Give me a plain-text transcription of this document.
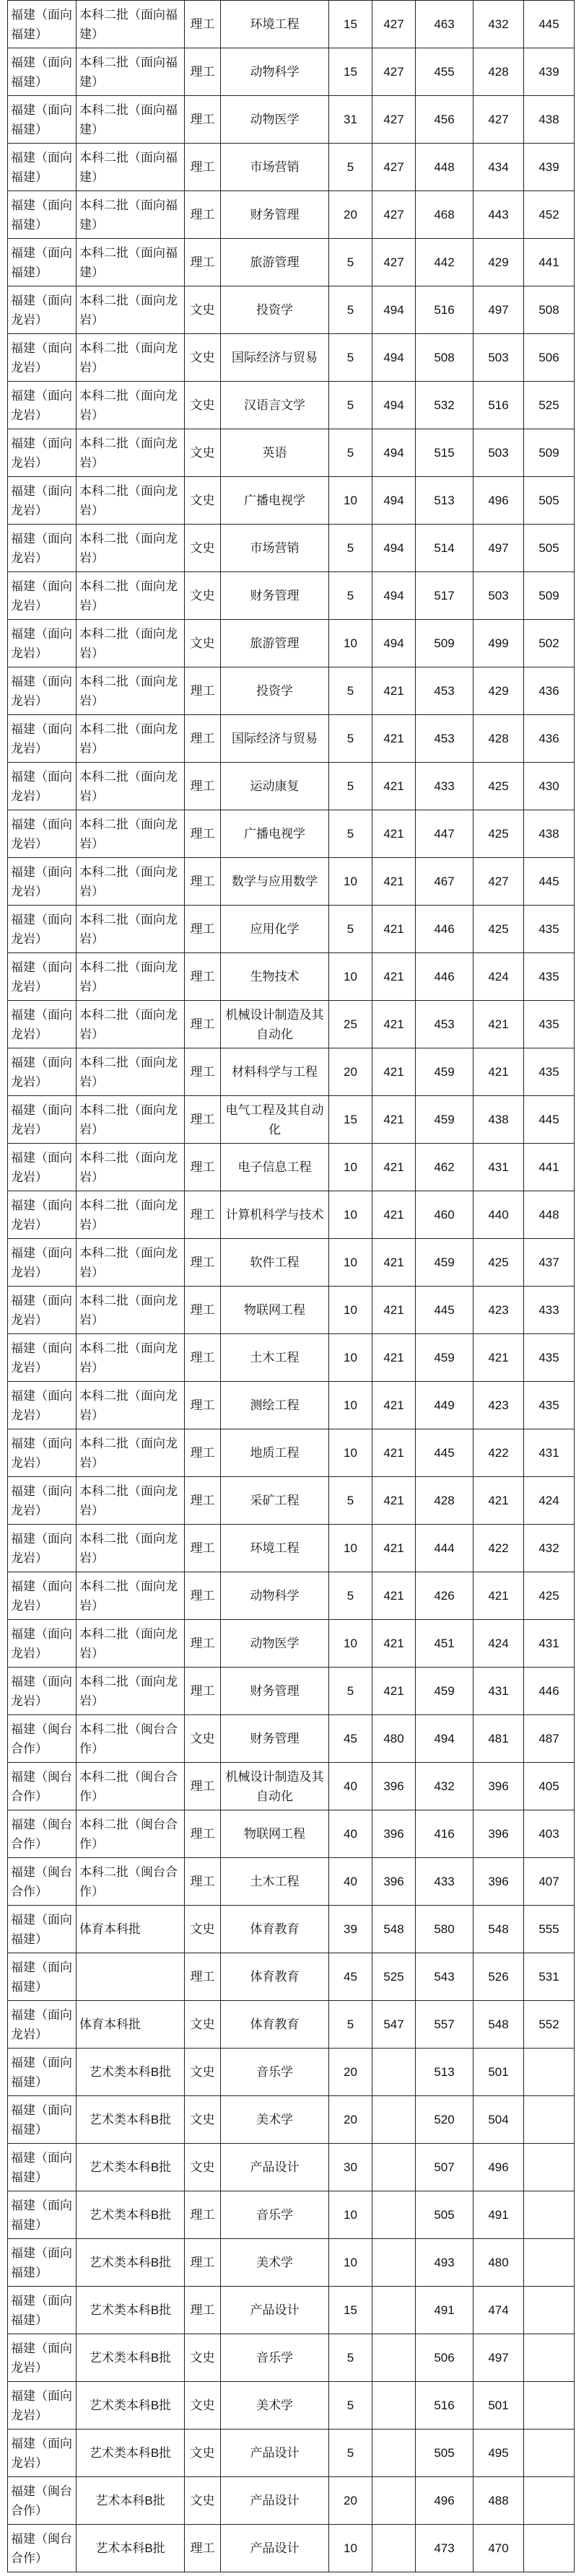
福建（面向福建）	本科二批（面向福建）	理工	环境工程	15	427	463	432	445
福建（面向福建）	本科二批（面向福建）	理工	动物科学	15	427	455	428	439
福建（面向福建）	本科二批（面向福建）	理工	动物医学	31	427	456	427	438
福建（面向福建）	本科二批（面向福建）	理工	市场营销	5	427	448	434	439
福建（面向福建）	本科二批（面向福建）	理工	财务管理	20	427	468	443	452
福建（面向福建）	本科二批（面向福建）	理工	旅游管理	5	427	442	429	441
福建（面向龙岩）	本科二批（面向龙岩）	文史	投资学	5	494	516	497	508
福建（面向龙岩）	本科二批（面向龙岩）	文史	国际经济与贸易	5	494	508	503	506
福建（面向龙岩）	本科二批（面向龙岩）	文史	汉语言文学	5	494	532	516	525
福建（面向龙岩）	本科二批（面向龙岩）	文史	英语	5	494	515	503	509
福建（面向龙岩）	本科二批（面向龙岩）	文史	广播电视学	10	494	513	496	505
福建（面向龙岩）	本科二批（面向龙岩）	文史	市场营销	5	494	514	497	505
福建（面向龙岩）	本科二批（面向龙岩）	文史	财务管理	5	494	517	503	509
福建（面向龙岩）	本科二批（面向龙岩）	文史	旅游管理	10	494	509	499	502
福建（面向龙岩）	本科二批（面向龙岩）	理工	投资学	5	421	453	429	436
福建（面向龙岩）	本科二批（面向龙岩）	理工	国际经济与贸易	5	421	453	428	436
福建（面向龙岩）	本科二批（面向龙岩）	理工	运动康复	5	421	433	425	430
福建（面向龙岩）	本科二批（面向龙岩）	理工	广播电视学	5	421	447	425	438
福建（面向龙岩）	本科二批（面向龙岩）	理工	数学与应用数学	10	421	467	427	445
福建（面向龙岩）	本科二批（面向龙岩）	理工	应用化学	5	421	446	425	435
福建（面向龙岩）	本科二批（面向龙岩）	理工	生物技术	10	421	446	424	435
福建（面向龙岩）	本科二批（面向龙岩）	理工	机械设计制造及其自动化	25	421	453	421	435
福建（面向龙岩）	本科二批（面向龙岩）	理工	材料科学与工程	20	421	459	421	435
福建（面向龙岩）	本科二批（面向龙岩）	理工	电气工程及其自动化	15	421	459	438	445
福建（面向龙岩）	本科二批（面向龙岩）	理工	电子信息工程	10	421	462	431	441
福建（面向龙岩）	本科二批（面向龙岩）	理工	计算机科学与技术	10	421	460	440	448
福建（面向龙岩）	本科二批（面向龙岩）	理工	软件工程	10	421	459	425	437
福建（面向龙岩）	本科二批（面向龙岩）	理工	物联网工程	10	421	445	423	433
福建（面向龙岩）	本科二批（面向龙岩）	理工	土木工程	10	421	459	421	435
福建（面向龙岩）	本科二批（面向龙岩）	理工	测绘工程	10	421	449	423	435
福建（面向龙岩）	本科二批（面向龙岩）	理工	地质工程	10	421	445	422	431
福建（面向龙岩）	本科二批（面向龙岩）	理工	采矿工程	5	421	428	421	424
福建（面向龙岩）	本科二批（面向龙岩）	理工	环境工程	10	421	444	422	432
福建（面向龙岩）	本科二批（面向龙岩）	理工	动物科学	5	421	426	421	425
福建（面向龙岩）	本科二批（面向龙岩）	理工	动物医学	10	421	451	424	431
福建（面向龙岩）	本科二批（面向龙岩）	理工	财务管理	5	421	459	431	446
福建（闽台合作）	本科二批（闽台合作）	文史	财务管理	45	480	494	481	487
福建（闽台合作）	本科二批（闽台合作）	理工	机械设计制造及其自动化	40	396	432	396	405
福建（闽台合作）	本科二批（闽台合作）	理工	物联网工程	40	396	416	396	403
福建（闽台合作）	本科二批（闽台合作）	理工	土木工程	40	396	433	396	407
福建（面向福建）	体育本科批	文史	体育教育	39	548	580	548	555
福建（面向福建）		理工	体育教育	45	525	543	526	531
福建（面向龙岩）	体育本科批	文史	体育教育	5	547	557	548	552
福建（面向福建）	艺术类本科B批	文史	音乐学	20		513	501	
福建（面向福建）	艺术类本科B批	文史	美术学	20		520	504	
福建（面向福建）	艺术类本科B批	文史	产品设计	30		507	496	
福建（面向福建）	艺术类本科B批	理工	音乐学	10		505	491	
福建（面向福建）	艺术类本科B批	理工	美术学	10		493	480	
福建（面向福建）	艺术类本科B批	理工	产品设计	15		491	474	
福建（面向龙岩）	艺术类本科B批	文史	音乐学	5		506	497	
福建（面向龙岩）	艺术类本科B批	文史	美术学	5		516	501	
福建（面向龙岩）	艺术类本科B批	文史	产品设计	5		505	495	
福建（闽台合作）	艺术本科B批	文史	产品设计	20		496	488	
福建（闽台合作）	艺术本科B批	理工	产品设计	10		473	470	
